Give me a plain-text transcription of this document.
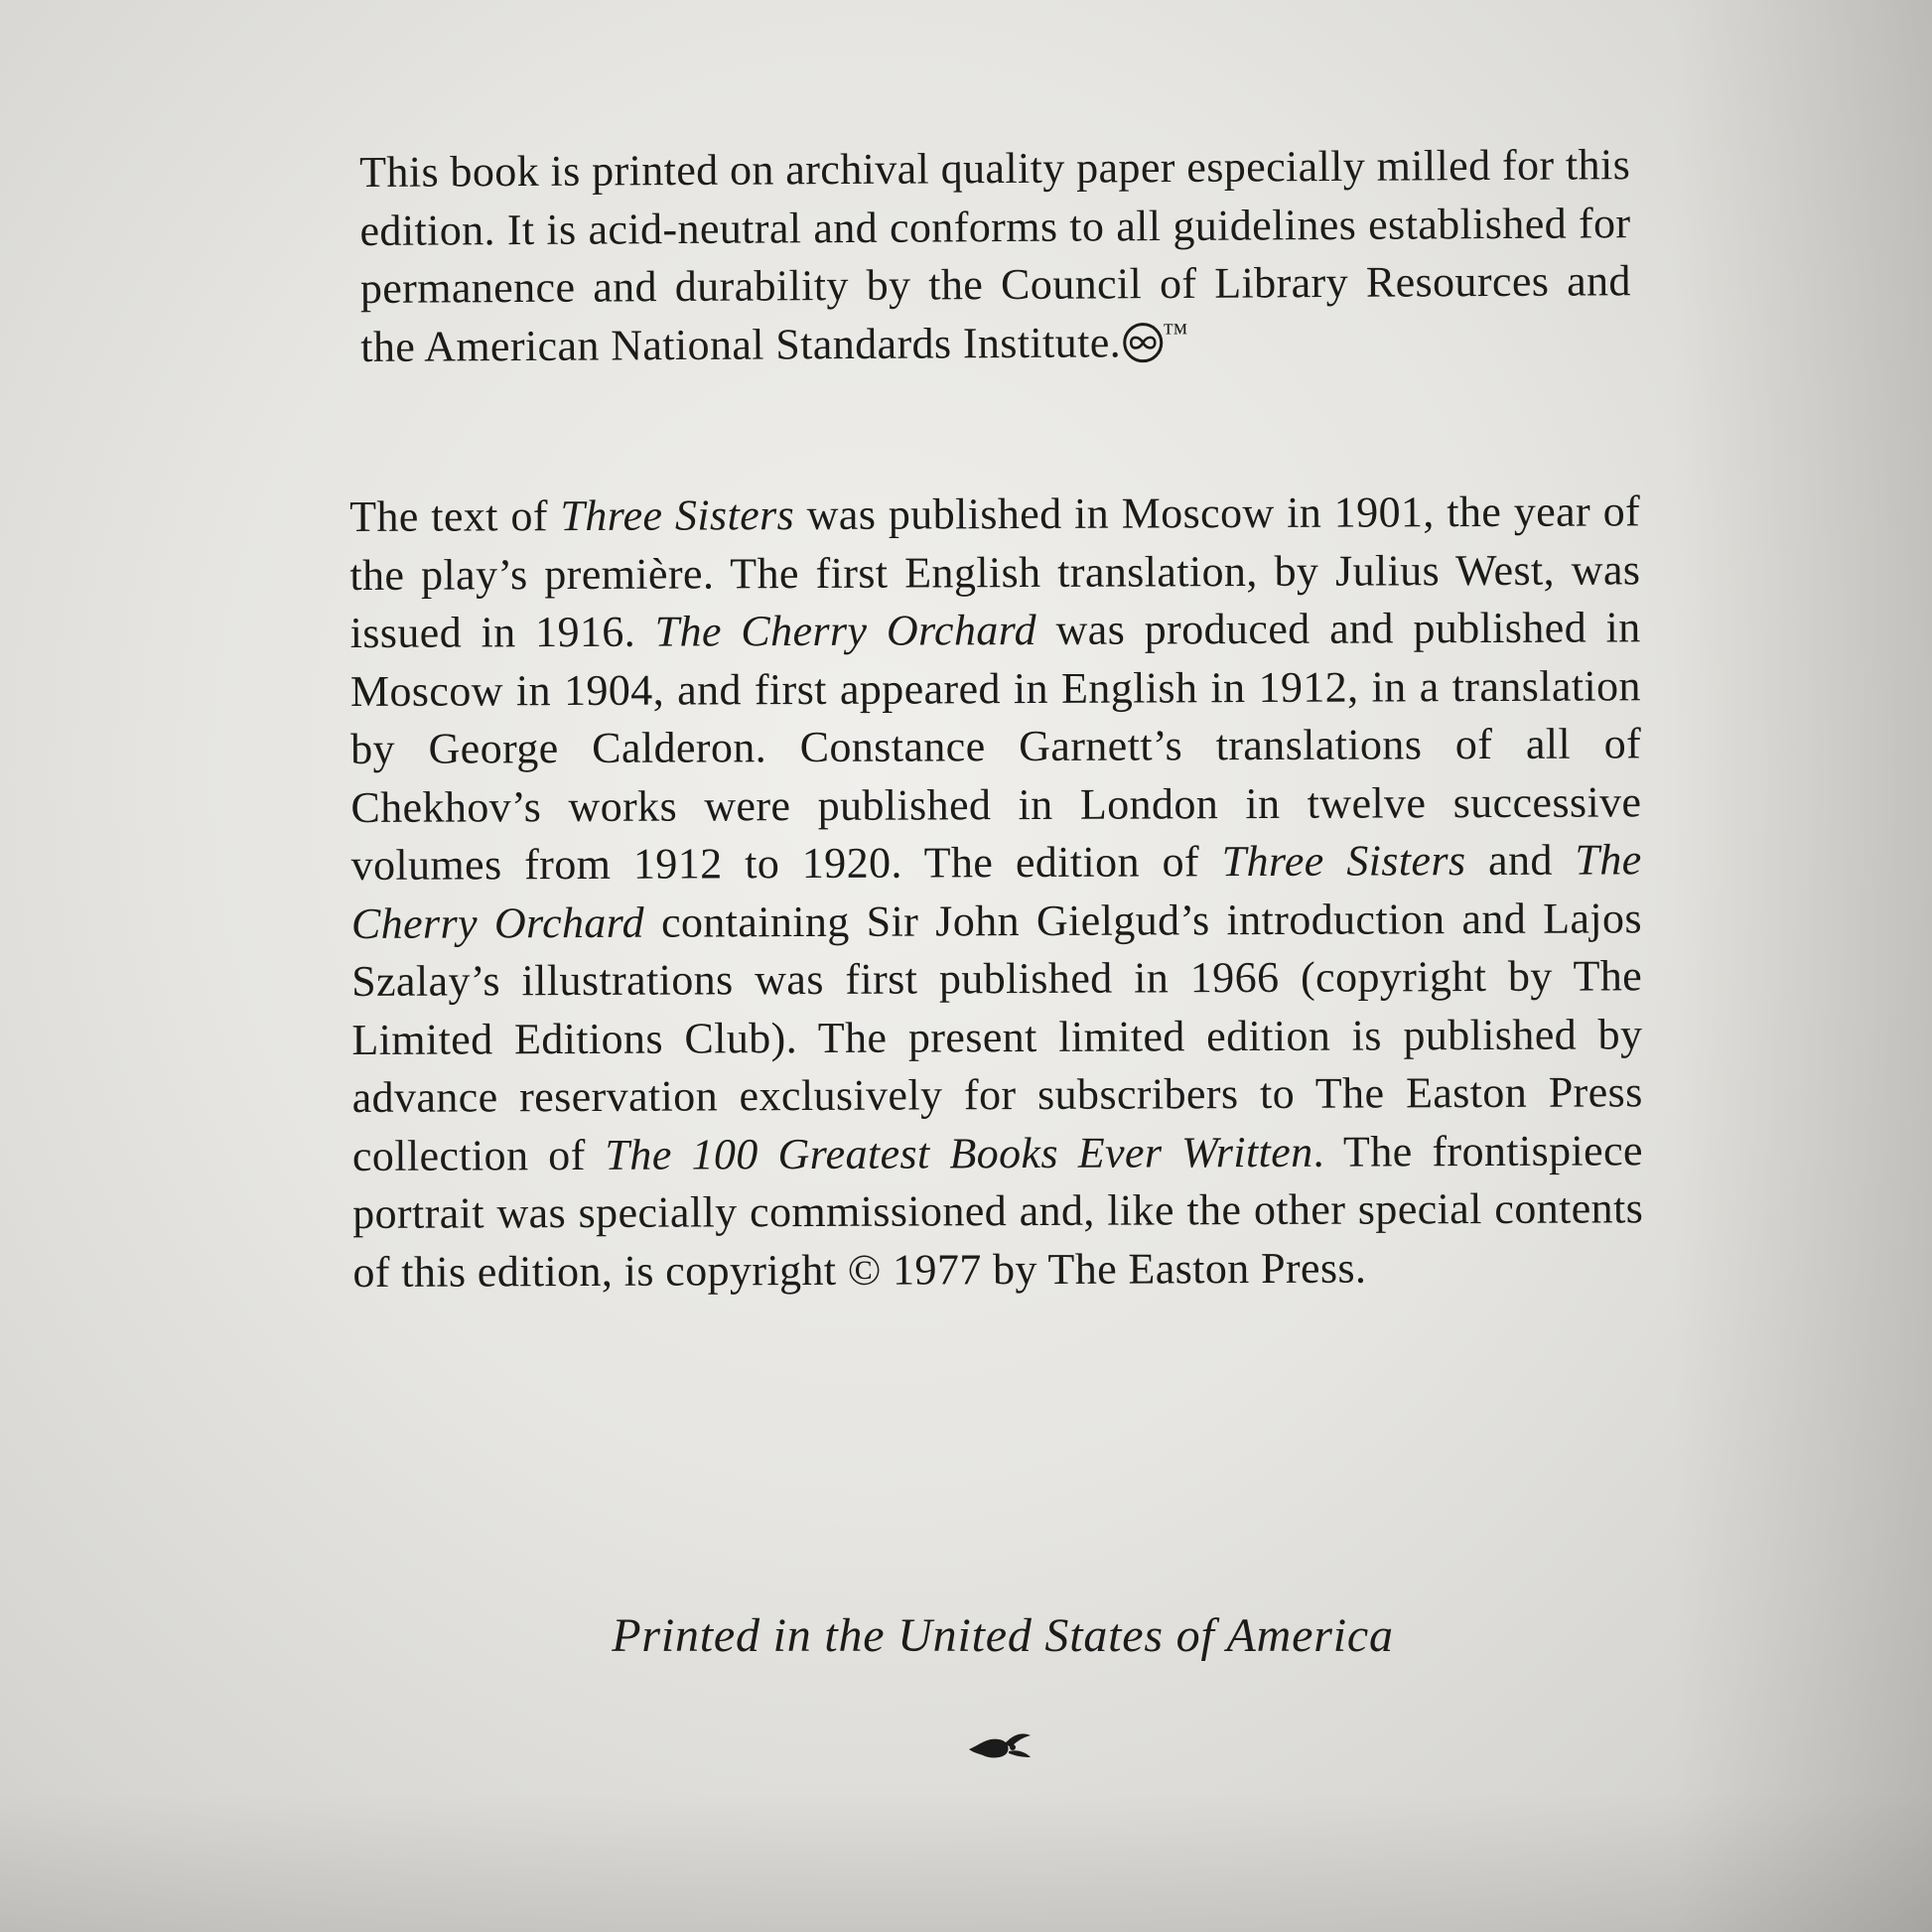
This book is printed on archival quality paper especially milled for this edition. It is acid-neutral and conforms to all guidelines established for permanence and durability by the Council of Library Resources and the American National Standards Institute. ™

The text of Three Sisters was published in Moscow in 1901, the year of the play’s première. The first English translation, by Julius West, was issued in 1916. The Cherry Orchard was produced and published in Moscow in 1904, and first appeared in English in 1912, in a translation by George Calderon. Constance Garnett’s translations of all of Chekhov’s works were published in London in twelve successive volumes from 1912 to 1920. The edition of Three Sisters and The Cherry Orchard containing Sir John Gielgud’s introduction and Lajos Szalay’s illustrations was first published in 1966 (copyright by The Limited Editions Club). The present limited edition is published by advance reservation exclusively for subscribers to The Easton Press collection of The 100 Greatest Books Ever Written. The frontispiece portrait was specially commissioned and, like the other special contents of this edition, is copyright © 1977 by The Easton Press.

Printed in the United States of America
